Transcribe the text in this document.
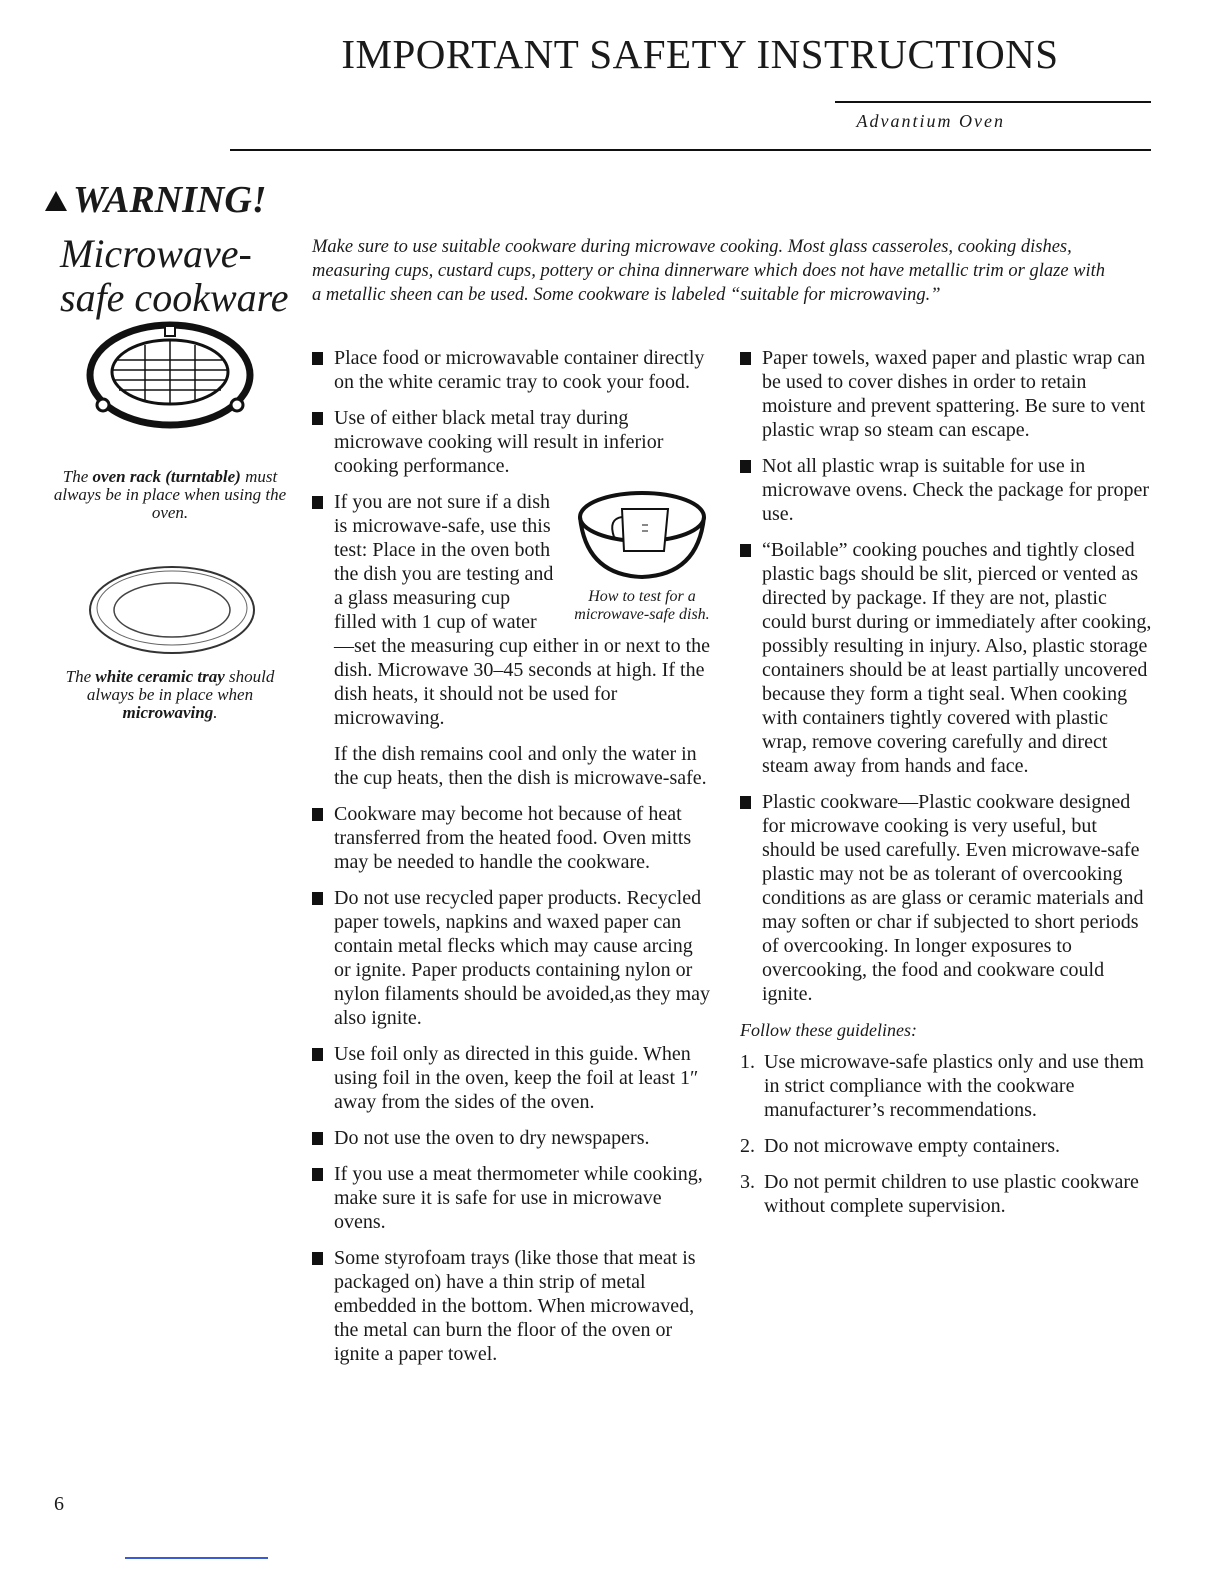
IMPORTANT SAFETY INSTRUCTIONS
Advantium Oven
WARNING!
Microwave-safe cookware
The oven rack (turntable) must always be in place when using the oven.
The white ceramic tray should always be in place when microwaving.
Make sure to use suitable cookware during microwave cooking. Most glass casseroles, cooking dishes, measuring cups, custard cups, pottery or china dinnerware which does not have metallic trim or glaze with a metallic sheen can be used. Some cookware is labeled “suitable for microwaving.”
Place food or microwavable container directly on the white ceramic tray to cook your food.
Use of either black metal tray during microwave cooking will result in inferior cooking performance.
How to test for a microwave-safe dish.
If you are not sure if a dish is microwave-safe, use this test: Place in the oven both the dish you are testing and a glass measuring cup filled with 1 cup of water—set the measuring cup either in or next to the dish. Microwave 30–45 seconds at high. If the dish heats, it should not be used for microwaving.
If the dish remains cool and only the water in the cup heats, then the dish is microwave-safe.
Cookware may become hot because of heat transferred from the heated food. Oven mitts may be needed to handle the cookware.
Do not use recycled paper products. Recycled paper towels, napkins and waxed paper can contain metal flecks which may cause arcing or ignite. Paper products containing nylon or nylon filaments should be avoided,as they may also ignite.
Use foil only as directed in this guide. When using foil in the oven, keep the foil at least 1″ away from the sides of the oven.
Do not use the oven to dry newspapers.
If you use a meat thermometer while cooking, make sure it is safe for use in microwave ovens.
Some styrofoam trays (like those that meat is packaged on) have a thin strip of metal embedded in the bottom. When microwaved, the metal can burn the floor of the oven or ignite a paper towel.
Paper towels, waxed paper and plastic wrap can be used to cover dishes in order to retain moisture and prevent spattering. Be sure to vent plastic wrap so steam can escape.
Not all plastic wrap is suitable for use in microwave ovens. Check the package for proper use.
“Boilable” cooking pouches and tightly closed plastic bags should be slit, pierced or vented as directed by package. If they are not, plastic could burst during or immediately after cooking, possibly resulting in injury. Also, plastic storage containers should be at least partially uncovered because they form a tight seal. When cooking with containers tightly covered with plastic wrap, remove covering carefully and direct steam away from hands and face.
Plastic cookware—Plastic cookware designed for microwave cooking is very useful, but should be used carefully. Even microwave-safe plastic may not be as tolerant of overcooking conditions as are glass or ceramic materials and may soften or char if subjected to short periods of overcooking. In longer exposures to overcooking, the food and cookware could ignite.
Follow these guidelines:
1. Use microwave-safe plastics only and use them in strict compliance with the cookware manufacturer’s recommendations.
2. Do not microwave empty containers.
3. Do not permit children to use plastic cookware without complete supervision.
6
